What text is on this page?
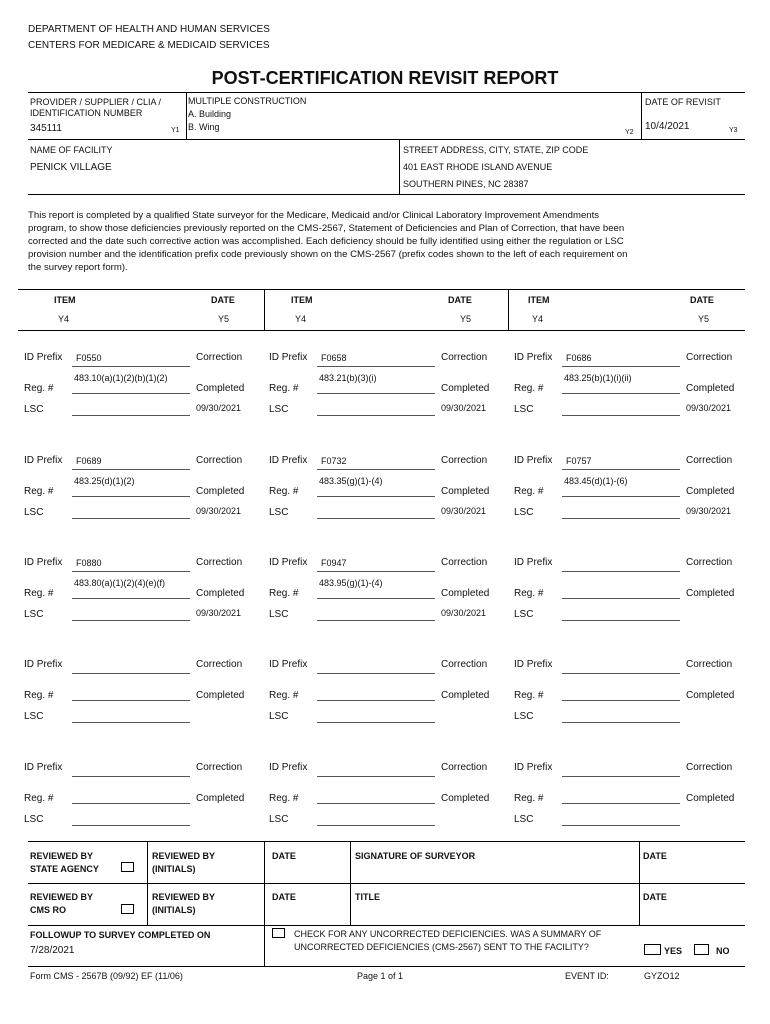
DEPARTMENT OF HEALTH AND HUMAN SERVICES
CENTERS FOR MEDICARE & MEDICAID SERVICES
POST-CERTIFICATION REVISIT REPORT
PROVIDER / SUPPLIER / CLIA /
IDENTIFICATION NUMBER
345111	Y1
MULTIPLE CONSTRUCTION
A. Building
B. Wing
Y2
DATE OF REVISIT
10/4/2021	Y3
NAME OF FACILITY
PENICK VILLAGE
STREET ADDRESS, CITY, STATE, ZIP CODE
401 EAST RHODE ISLAND AVENUE
SOUTHERN PINES, NC 28387
This report is completed by a qualified State surveyor for the Medicare, Medicaid and/or Clinical Laboratory Improvement Amendments
program, to show those deficiencies previously reported on the CMS-2567, Statement of Deficiencies and Plan of Correction, that have been
corrected and the date such corrective action was accomplished. Each deficiency should be fully identified using either the regulation or LSC
provision number and the identification prefix code previously shown on the CMS-2567 (prefix codes shown to the left of each requirement on
the survey report form).
ITEM	DATE
Y4	Y5
ITEM	DATE
Y4	Y5
ITEM	DATE
Y4	Y5
ID Prefix F0550	Correction
483.10(a)(1)(2)(b)(1)(2)
Reg. #	Completed
LSC	09/30/2021
ID Prefix F0658	Correction
483.21(b)(3)(i)
Reg. #	Completed
LSC	09/30/2021
ID Prefix F0686	Correction
483.25(b)(1)(i)(ii)
Reg. #	Completed
LSC	09/30/2021
ID Prefix F0689	Correction
483.25(d)(1)(2)
Reg. #	Completed
LSC	09/30/2021
ID Prefix F0732	Correction
483.35(g)(1)-(4)
Reg. #	Completed
LSC	09/30/2021
ID Prefix F0757	Correction
483.45(d)(1)-(6)
Reg. #	Completed
LSC	09/30/2021
ID Prefix F0880	Correction
483.80(a)(1)(2)(4)(e)(f)
Reg. #	Completed
LSC	09/30/2021
ID Prefix F0947	Correction
483.95(g)(1)-(4)
Reg. #	Completed
LSC	09/30/2021
ID Prefix	Correction
Reg. #	Completed
LSC
ID Prefix	Correction
Reg. #	Completed
LSC
ID Prefix	Correction
Reg. #	Completed
LSC
ID Prefix	Correction
Reg. #	Completed
LSC
ID Prefix	Correction
Reg. #	Completed
LSC
ID Prefix	Correction
Reg. #	Completed
LSC
ID Prefix	Correction
Reg. #	Completed
LSC
REVIEWED BY
STATE AGENCY
REVIEWED BY
(INITIALS)
DATE	SIGNATURE OF SURVEYOR	DATE
REVIEWED BY
CMS RO
REVIEWED BY
(INITIALS)
DATE	TITLE	DATE
FOLLOWUP TO SURVEY COMPLETED ON
7/28/2021
CHECK FOR ANY UNCORRECTED DEFICIENCIES. WAS A SUMMARY OF
UNCORRECTED DEFICIENCIES (CMS-2567) SENT TO THE FACILITY?	YES	NO
Form CMS - 2567B (09/92) EF (11/06)	Page 1 of 1	EVENT ID:	GYZO12
